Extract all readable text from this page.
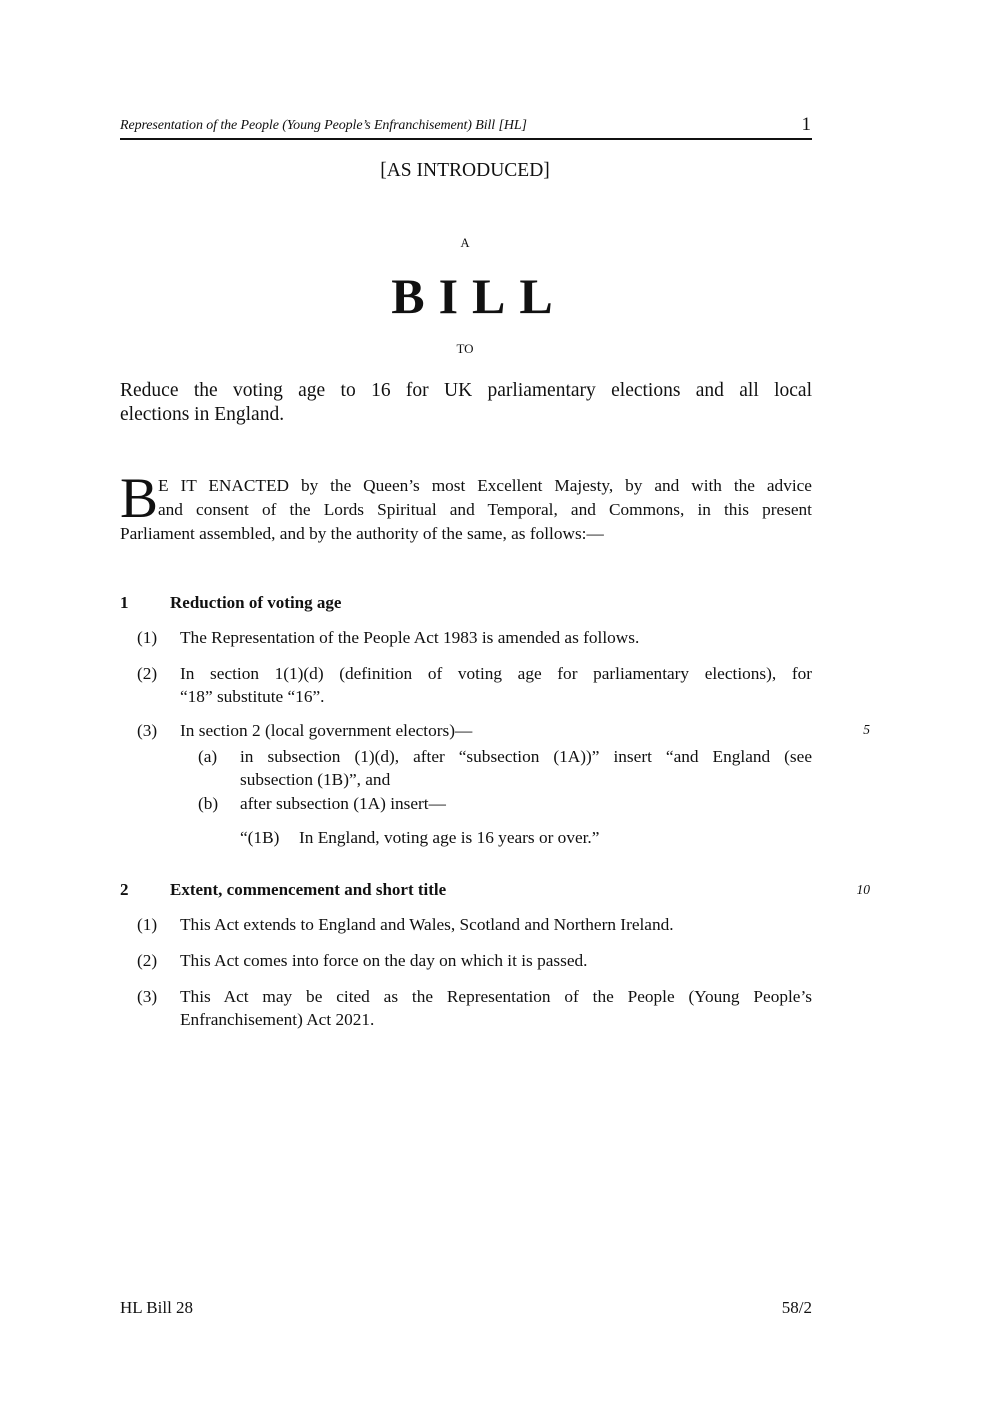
Representation of the People (Young People’s Enfranchisement) Bill [HL]	1
[AS INTRODUCED]
A
BILL
TO
Reduce the voting age to 16 for UK parliamentary elections and all local
elections in England.
B E IT ENACTED by the Queen’s most Excellent Majesty, by and with the advice
and consent of the Lords Spiritual and Temporal, and Commons, in this present
Parliament assembled, and by the authority of the same, as follows:—
1 Reduction of voting age
(1) The Representation of the People Act 1983 is amended as follows.
(2) In section 1(1)(d) (definition of voting age for parliamentary elections), for
“18” substitute “16”.
(3) In section 2 (local government electors)—
(a) in subsection (1)(d), after “subsection (1A))” insert “and England (see
subsection (1B)”, and
(b) after subsection (1A) insert—
“(1B) In England, voting age is 16 years or over.”
2 Extent, commencement and short title
(1) This Act extends to England and Wales, Scotland and Northern Ireland.
(2) This Act comes into force on the day on which it is passed.
(3) This Act may be cited as the Representation of the People (Young People’s
Enfranchisement) Act 2021.
5
10
HL Bill 28	58/2
